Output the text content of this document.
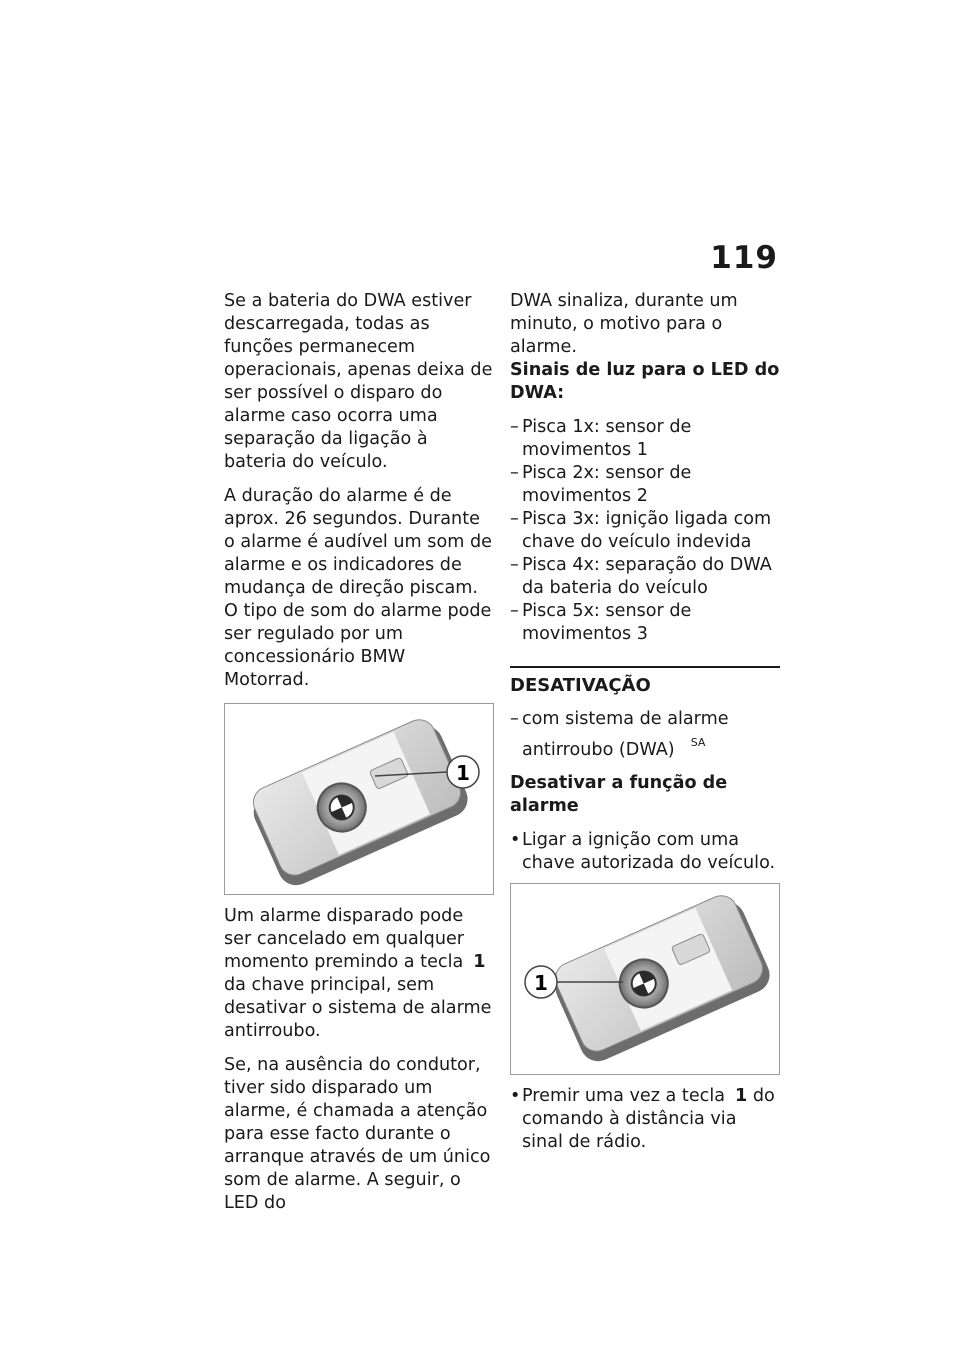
119

Se a bateria do DWA estiver descarregada, todas as funções permanecem operacionais, apenas deixa de ser possível o disparo do alarme caso ocorra uma separação da ligação à bateria do veículo.

A duração do alarme é de aprox. 26 segundos. Durante o alarme é audível um som de alarme e os indicadores de mudança de direção piscam.

O tipo de som do alarme pode ser regulado por um concessionário BMW Motorrad.

1

Um alarme disparado pode ser cancelado em qualquer momento premindo a tecla 1 da chave principal, sem desativar o sistema de alarme antirroubo.

Se, na ausência do condutor, tiver sido disparado um alarme, é chamada a atenção para esse facto durante o arranque através de um único som de alarme. A seguir, o LED do

DWA sinaliza, durante um minuto, o motivo para o alarme.

Sinais de luz para o LED do DWA:

– Pisca 1x: sensor de movimentos 1
– Pisca 2x: sensor de movimentos 2
– Pisca 3x: ignição ligada com chave do veículo indevida
– Pisca 4x: separação do DWA da bateria do veículo
– Pisca 5x: sensor de movimentos 3

DESATIVAÇÃO

– com sistema de alarme antirroubo (DWA) $^{SA}$

Desativar a função de alarme

• Ligar a ignição com uma chave autorizada do veículo.
1
• Premir uma vez a tecla 1 do comando à distância via sinal de rádio.
